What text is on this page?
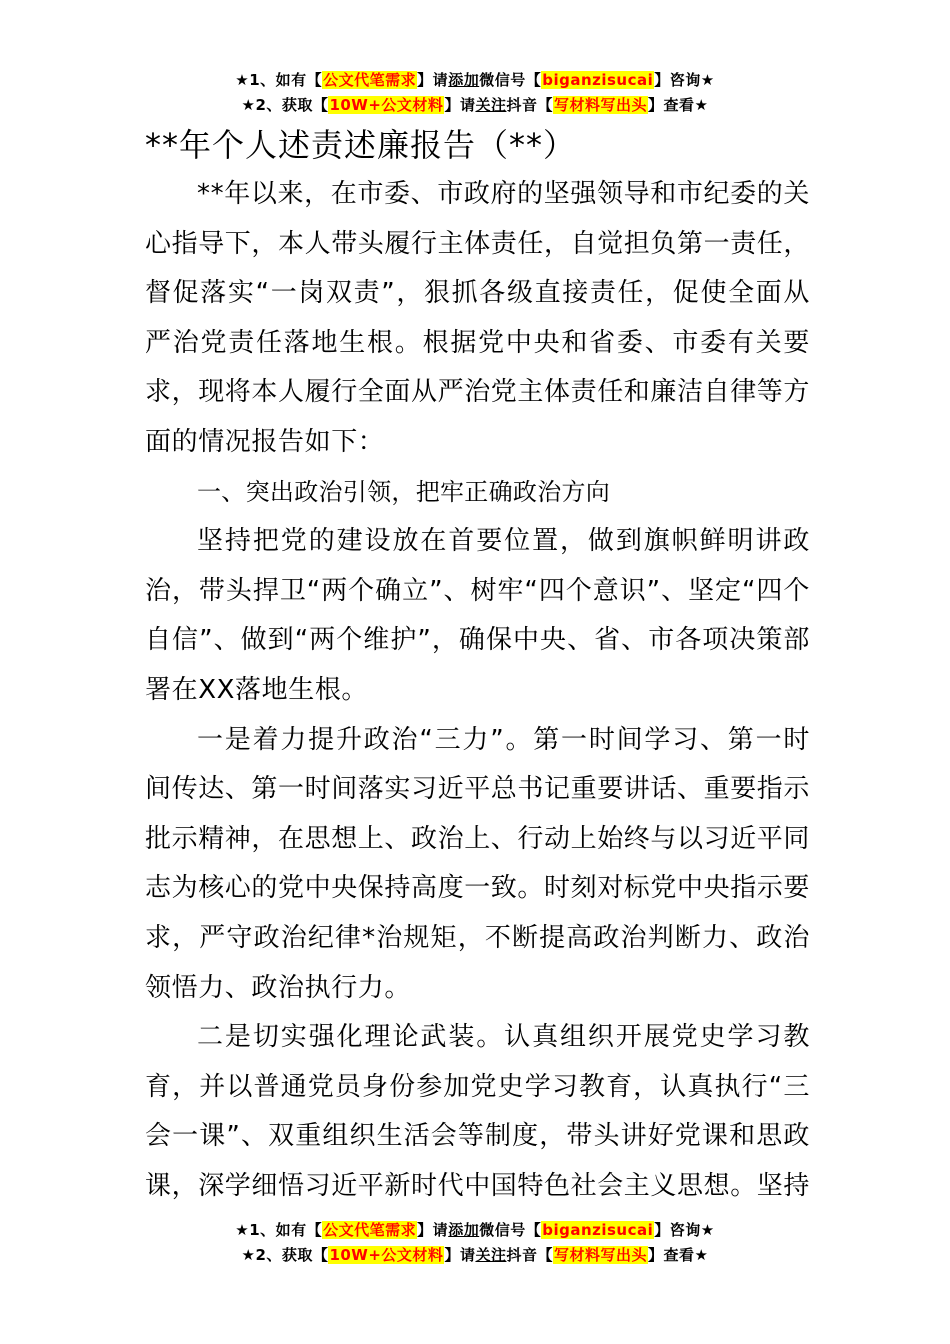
★1、如有【公文代笔需求】请添加微信号【biganzisucai】咨询★
★2、获取【10W+公文材料】请关注抖音【写材料写出头】查看★
**年个人述责述廉报告（**）

**年以来，在市委、市政府的坚强领导和市纪委的关心指导下，本人带头履行主体责任，自觉担负第一责任，督促落实“一岗双责”，狠抓各级直接责任，促使全面从严治党责任落地生根。根据党中央和省委、市委有关要求，现将本人履行全面从严治党主体责任和廉洁自律等方面的情况报告如下：

一、突出政治引领，把牢正确政治方向

坚持把党的建设放在首要位置，做到旗帜鲜明讲政治，带头捍卫“两个确立”、树牢“四个意识”、坚定“四个自信”、做到“两个维护”，确保中央、省、市各项决策部署在XX落地生根。

一是着力提升政治“三力”。第一时间学习、第一时间传达、第一时间落实习近平总书记重要讲话、重要指示批示精神，在思想上、政治上、行动上始终与以习近平同志为核心的党中央保持高度一致。时刻对标党中央指示要求，严守政治纪律*治规矩，不断提高政治判断力、政治领悟力、政治执行力。

二是切实强化理论武装。认真组织开展党史学习教育，并以普通党员身份参加党史学习教育，认真执行“三会一课”、双重组织生活会等制度，带头讲好党课和思政课，深学细悟习近平新时代中国特色社会主义思想。坚持

★1、如有【公文代笔需求】请添加微信号【biganzisucai】咨询★
★2、获取【10W+公文材料】请关注抖音【写材料写出头】查看★
